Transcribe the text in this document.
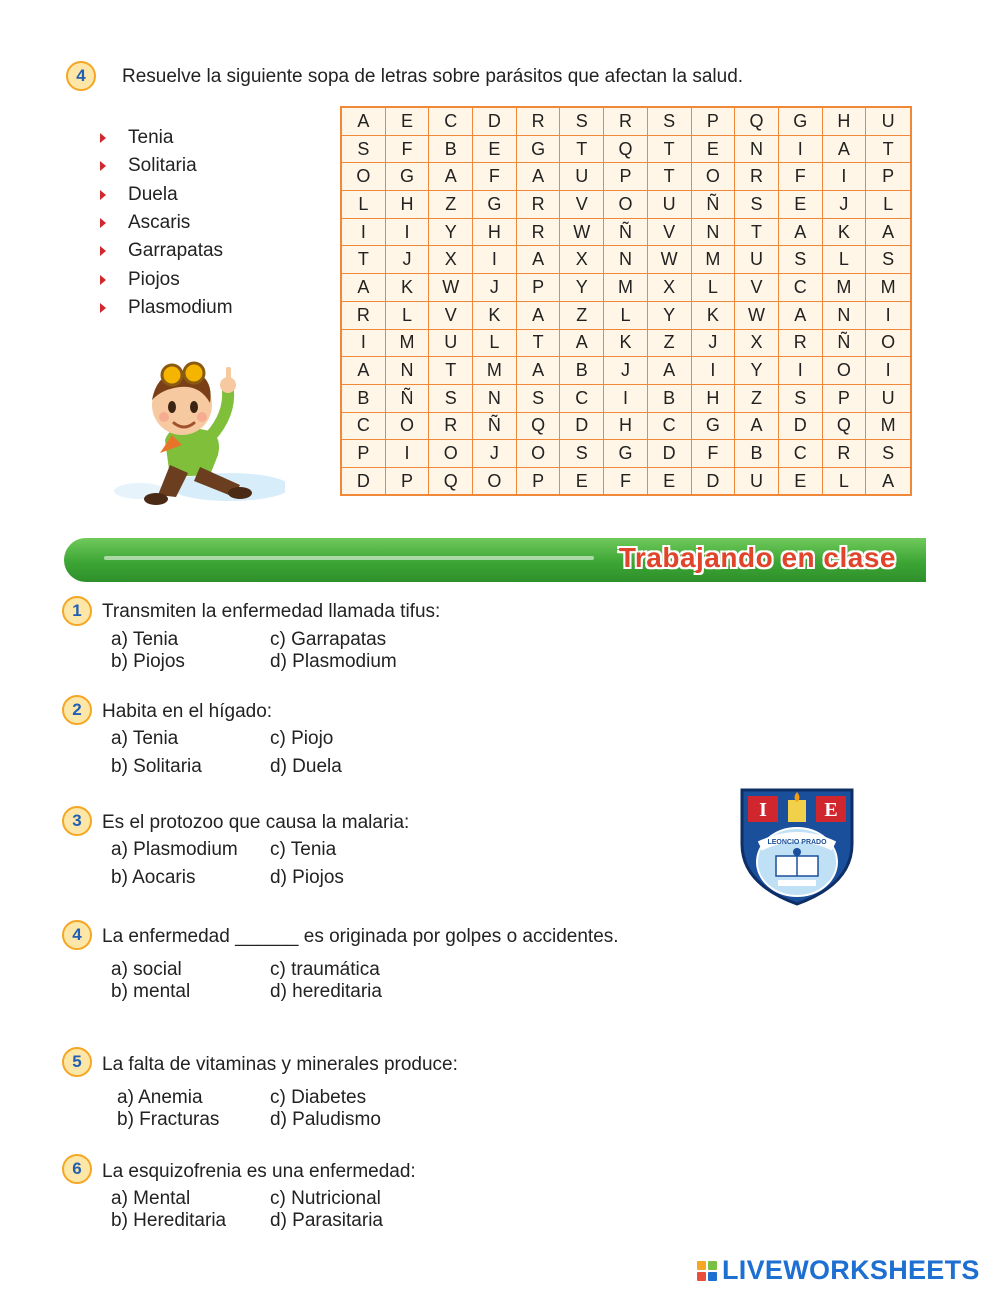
4	Resuelve la siguiente sopa de letras sobre parásitos que afectan la salud.
Tenia
Solitaria
Duela
Ascaris
Garrapatas
Piojos
Plasmodium
A	E	C	D	R	S	R	S	P	Q	G	H	U
S	F	B	E	G	T	Q	T	E	N	I	A	T
O	G	A	F	A	U	P	T	O	R	F	I	P
L	H	Z	G	R	V	O	U	Ñ	S	E	J	L
I	I	Y	H	R	W	Ñ	V	N	T	A	K	A
T	J	X	I	A	X	N	W	M	U	S	L	S
A	K	W	J	P	Y	M	X	L	V	C	M	M
R	L	V	K	A	Z	L	Y	K	W	A	N	I
I	M	U	L	T	A	K	Z	J	X	R	Ñ	O
A	N	T	M	A	B	J	A	I	Y	I	O	I
B	Ñ	S	N	S	C	I	B	H	Z	S	P	U
C	O	R	Ñ	Q	D	H	C	G	A	D	Q	M
P	I	O	J	O	S	G	D	F	B	C	R	S
D	P	Q	O	P	E	F	E	D	U	E	L	A
Trabajando en clase
1	Transmiten la enfermedad llamada tifus:
a) Tenia
b) Piojos
c) Garrapatas
d) Plasmodium
2	Habita en el hígado:
a) Tenia
b) Solitaria
c) Piojo
d) Duela
3	Es el protozoo que causa la malaria:
a) Plasmodium
b) Aocaris
c) Tenia
d) Piojos
4	La enfermedad ______ es originada por golpes o accidentes.
a) social
b) mental
c) traumática
d) hereditaria
5	La falta de vitaminas y minerales produce:
a) Anemia
b) Fracturas
c) Diabetes
d) Paludismo
6	La esquizofrenia es una enfermedad:
a) Mental
b) Hereditaria
c) Nutricional
d) Parasitaria
I	E
LEONCIO PRADO
LIVEWORKSHEETS
